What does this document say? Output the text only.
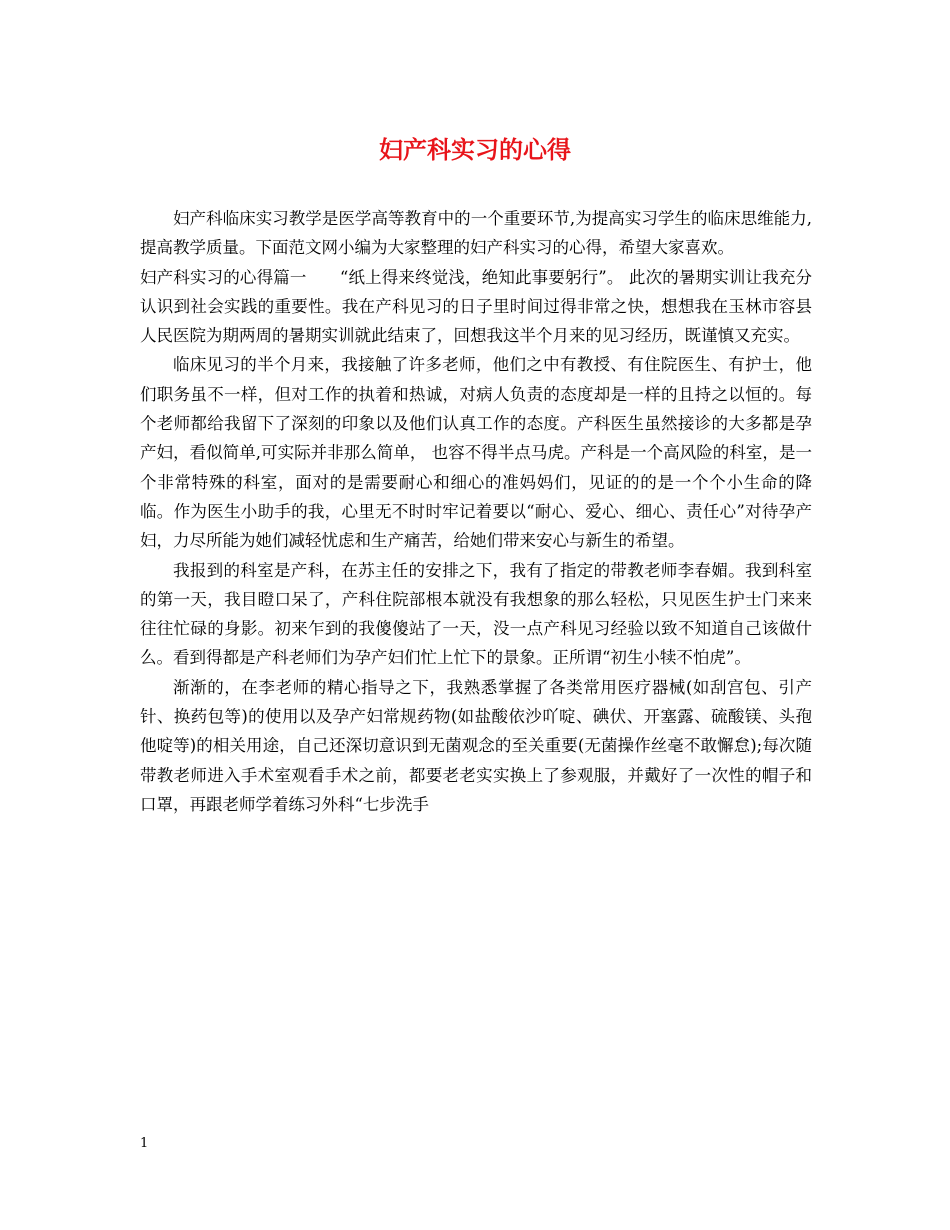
妇产科实习的心得

妇产科临床实习教学是医学高等教育中的一个重要环节,为提高实习学生的临床思维能力,提高教学质量。下面范文网小编为大家整理的妇产科实习的心得，希望大家喜欢。

妇产科实习的心得篇一　　“纸上得来终觉浅，绝知此事要躬行”。 此次的暑期实训让我充分认识到社会实践的重要性。我在产科见习的日子里时间过得非常之快，想想我在玉林市容县人民医院为期两周的暑期实训就此结束了，回想我这半个月来的见习经历，既谨慎又充实。

临床见习的半个月来，我接触了许多老师，他们之中有教授、有住院医生、有护士，他们职务虽不一样，但对工作的执着和热诚，对病人负责的态度却是一样的且持之以恒的。每个老师都给我留下了深刻的印象以及他们认真工作的态度。产科医生虽然接诊的大多都是孕产妇，看似简单,可实际并非那么简单， 也容不得半点马虎。产科是一个高风险的科室，是一个非常特殊的科室，面对的是需要耐心和细心的准妈妈们，见证的的是一个个小生命的降临。作为医生小助手的我，心里无不时时牢记着要以“耐心、爱心、细心、责任心”对待孕产妇，力尽所能为她们减轻忧虑和生产痛苦，给她们带来安心与新生的希望。

我报到的科室是产科，在苏主任的安排之下，我有了指定的带教老师李春媚。我到科室的第一天，我目瞪口呆了，产科住院部根本就没有我想象的那么轻松，只见医生护士门来来往往忙碌的身影。初来乍到的我傻傻站了一天，没一点产科见习经验以致不知道自己该做什么。看到得都是产科老师们为孕产妇们忙上忙下的景象。正所谓“初生小犊不怕虎”。

渐渐的，在李老师的精心指导之下，我熟悉掌握了各类常用医疗器械(如刮宫包、引产针、换药包等)的使用以及孕产妇常规药物(如盐酸依沙吖啶、碘伏、开塞露、硫酸镁、头孢他啶等)的相关用途，自己还深切意识到无菌观念的至关重要(无菌操作丝毫不敢懈怠);每次随带教老师进入手术室观看手术之前，都要老老实实换上了参观服，并戴好了一次性的帽子和口罩，再跟老师学着练习外科“七步洗手

1
